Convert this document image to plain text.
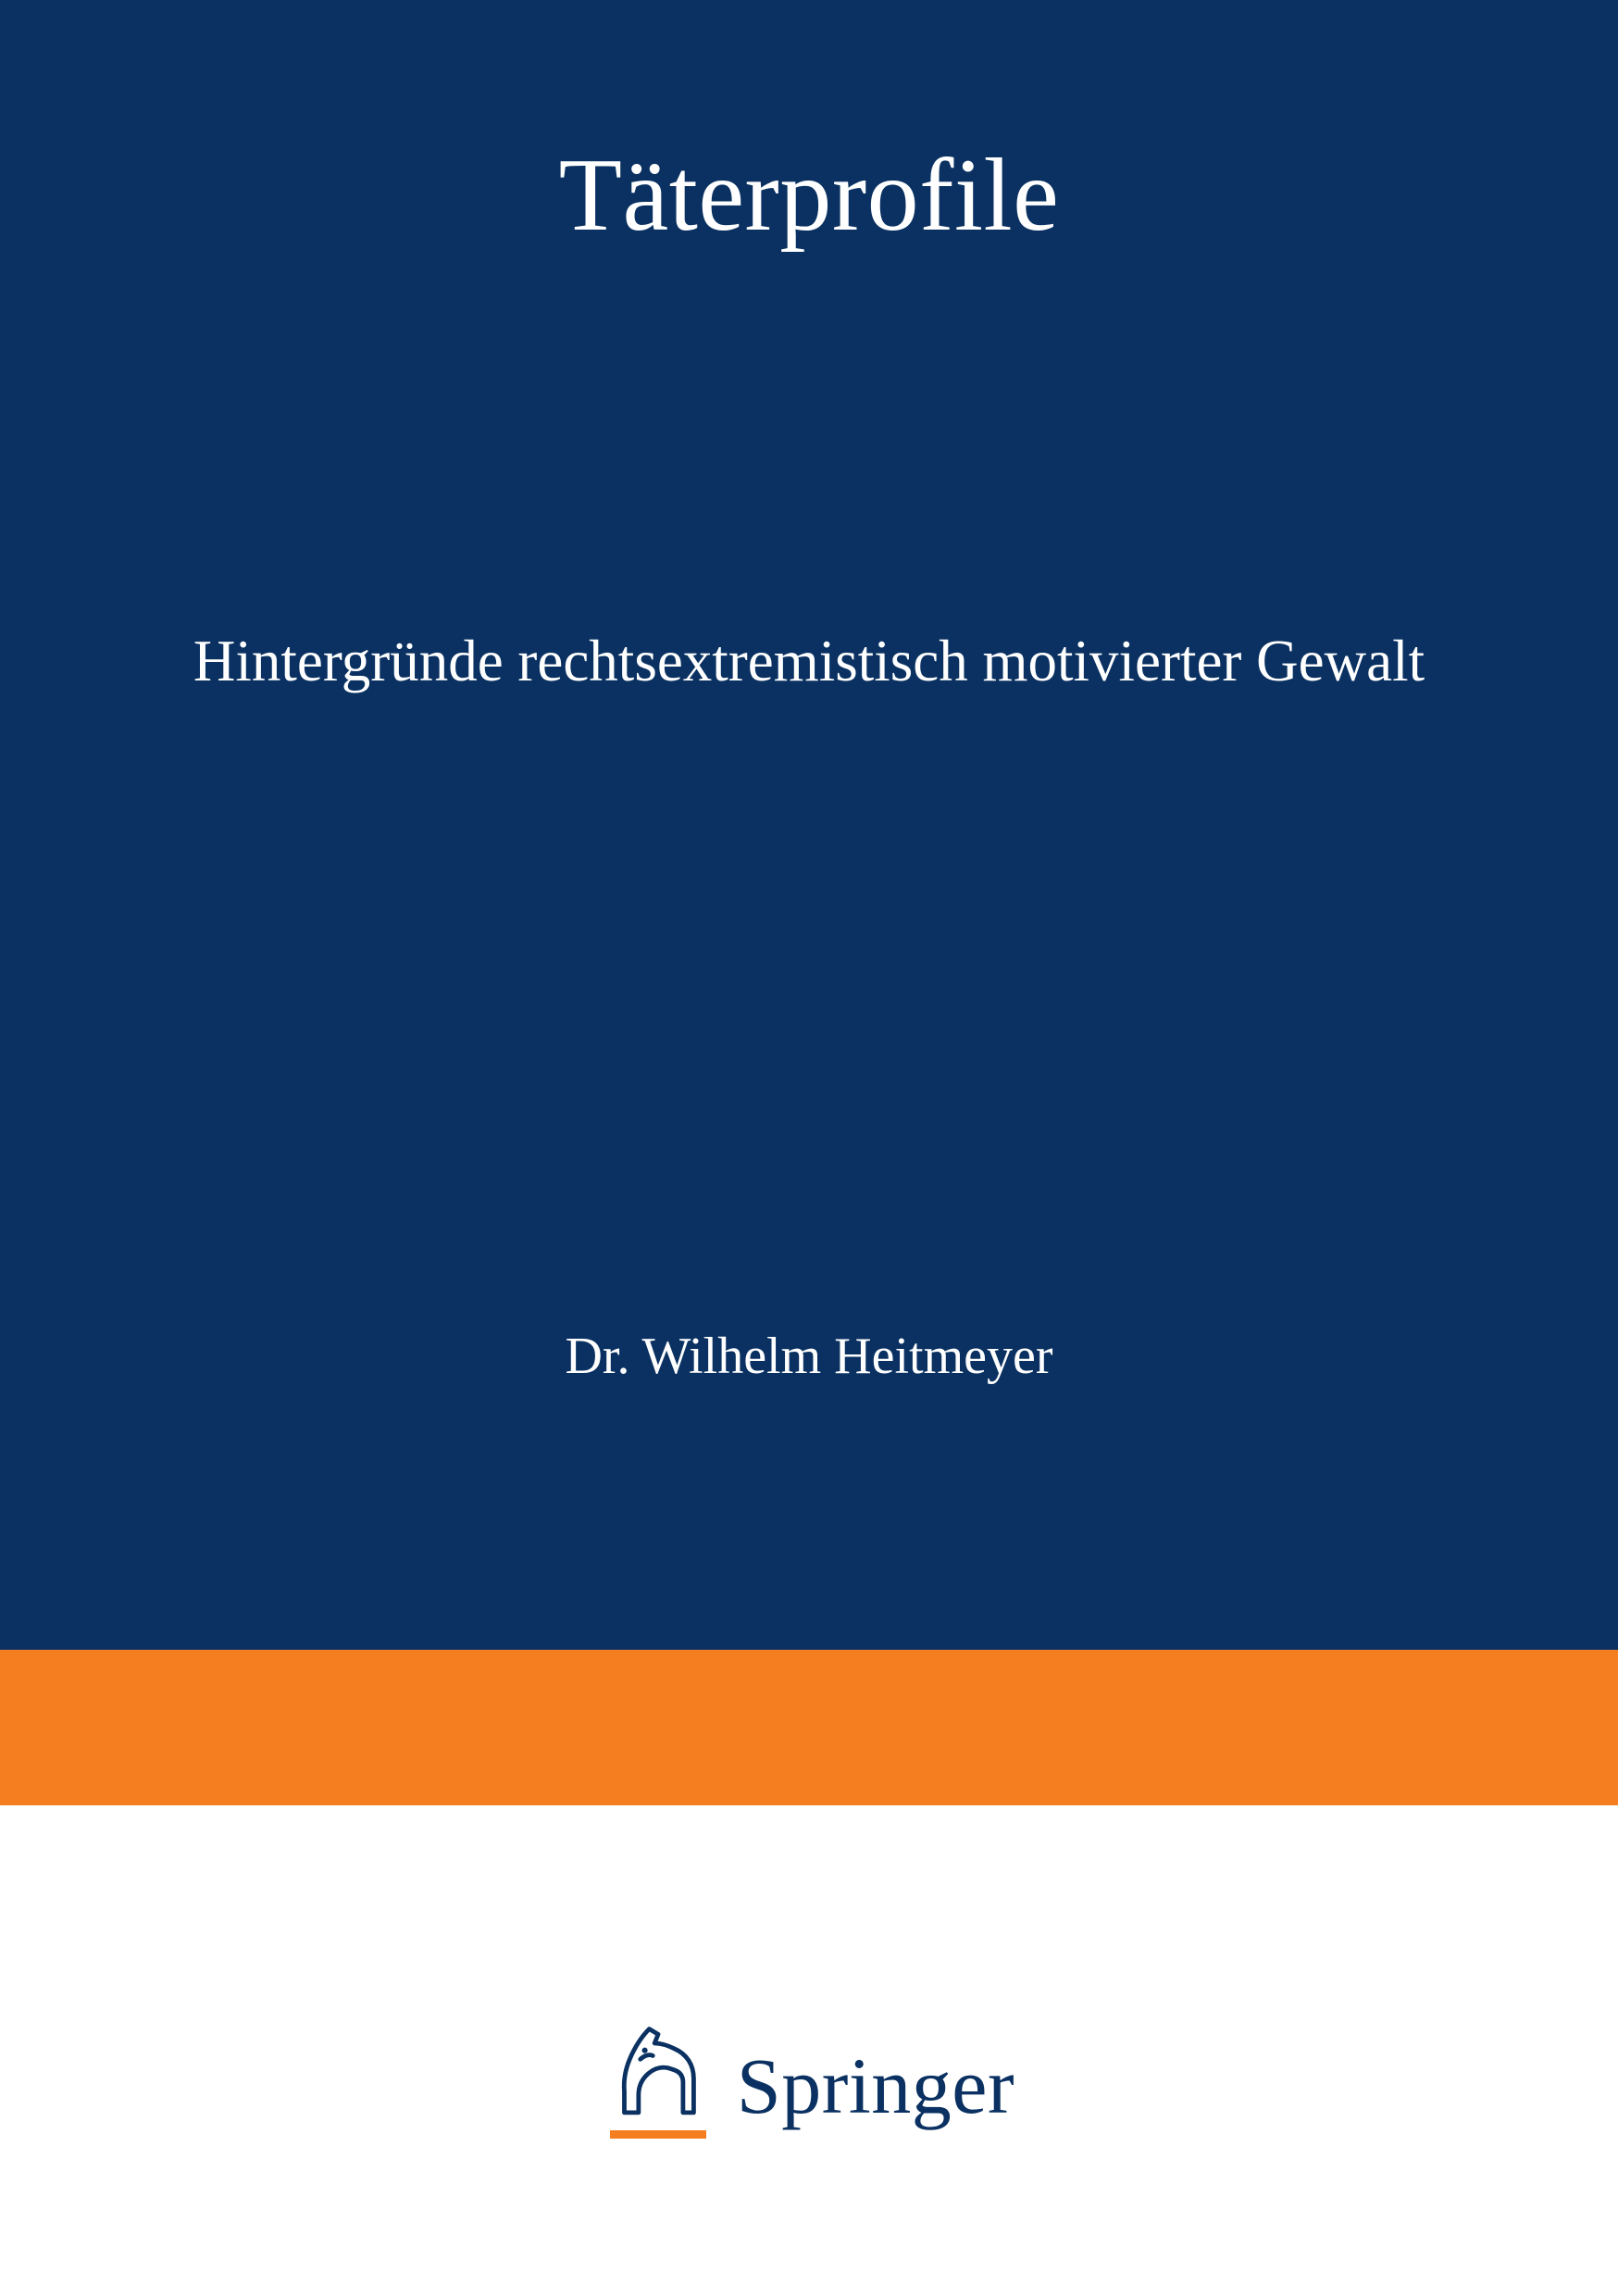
Täterprofile
Hintergründe rechtsextremistisch motivierter Gewalt
Dr. Wilhelm Heitmeyer
Springer
